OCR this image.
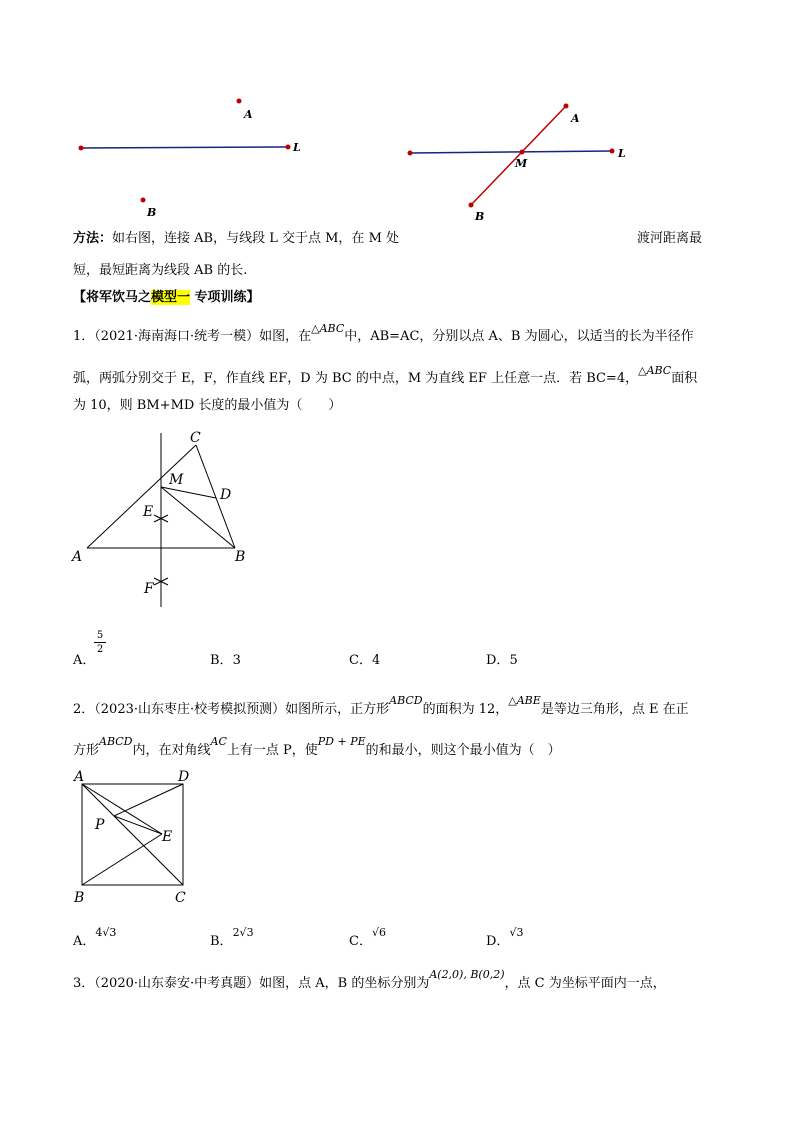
A
L
B
A
L
M
B
方法：如右图，连接 AB，与线段 L 交于点 M，在 M 处	渡河距离最
短，最短距离为线段 AB 的长.
【将军饮马之模型一 专项训练】
1．（2021·海南海口·统考一模）如图，在$^{\triangle ABC}$中，AB=AC，分别以点 A、B 为圆心，以适当的长为半径作
弧，两弧分别交于 E，F，作直线 EF，D 为 BC 的中点，M 为直线 EF 上任意一点．若 BC=4，$^{\triangle ABC}$面积
为 10，则 BM+MD 长度的最小值为（　　）
C
M
D
E
A	B
F
A．
5
2
B．3	C．4	D．5
2．（2023·山东枣庄·校考模拟预测）如图所示，正方形$^{ABCD}$的面积为 12，$^{\triangle ABE}$是等边三角形，点 E 在正
方形$^{ABCD}$内，在对角线$^{AC}$上有一点 P，使$^{PD + PE}$的和最小，则这个最小值为（　）
A	D
P
E
B	C
A．$^{4√3}$
B．$^{2√3}$
C．$^{√6}$
D．$^{√3}$
3．（2020·山东泰安·中考真题）如图，点 A，B 的坐标分别为$^{A(2,0), B(0,2)}$，点 C 为坐标平面内一点，
